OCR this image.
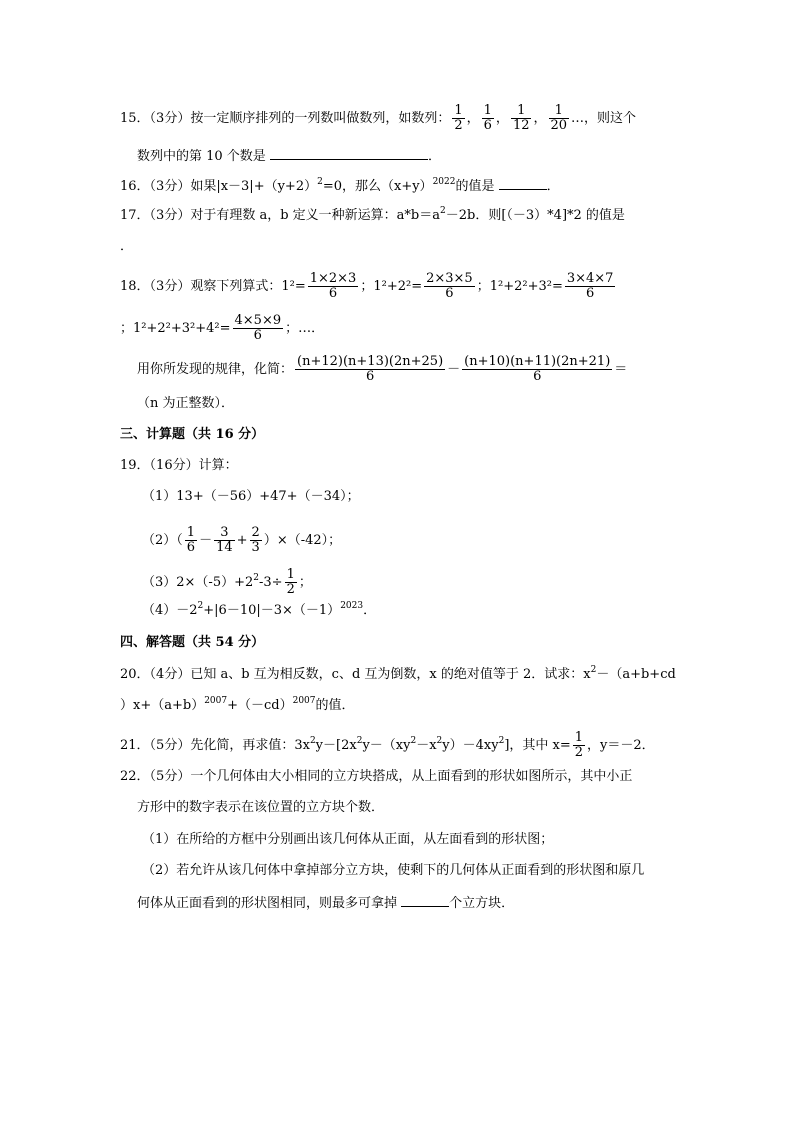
15．（3分）按一定顺序排列的一列数叫做数列，如数列： $\frac{1}{2}$ ， $\frac{1}{6}$ ， $\frac{1}{12}$ ， $\frac{1}{20}$ …，则这个
数列中的第 10 个数是	．
16．（3分）如果$|x-3|+(y+2)^2=0$，那么$(x+y)^{2022}$的值是	．
17．（3分）对于有理数 a，b 定义一种新运算：$a*b=a^2-2b$．则[（－3）*4]*2 的值是
．
18．（3分）观察下列算式：$1^2= \frac{1\times 2\times 3}{6}$ ；$1^2+2^2= \frac{2\times 3\times 5}{6}$ ；$1^2+2^2+3^2= \frac{3\times 4\times 7}{6}$
；$1^2+2^2+3^2+4^2= \frac{4\times 5\times 9}{6}$ ；…．
用你所发现的规律，化简： $\frac{(n+12)(n+13)(2n+25)}{6} - \frac{(n+10)(n+11)(2n+21)}{6}$ ＝
（n 为正整数）．
三、计算题（共 16 分）
19．（16分）计算：
（1）13+（－56）+47+（－34）；
$(2)( \frac{1}{6} - \frac{3}{14} + \frac{2}{3} )\times(-42)$；
$(3)2\times(-5)+2^2-3\div \frac{1}{2}$ ；
$(4)-2^2+|6-10|-3\times(-1)^{2023}$．
四、解答题（共 54 分）
20．（4分）已知 a、b 互为相反数，c、d 互为倒数，x 的绝对值等于 2．试求：$x^2-(a+b+cd$
）$x+(a+b)^{2007}+(-cd)^{2007}$的值．
21．（5分）先化简，再求值：$3x^2y-[2x^2y-(xy^2-x^2y)-4xy^2]$，其中 $x= \frac{1}{2}$ ，y＝－2．
22．（5分）一个几何体由大小相同的立方块搭成，从上面看到的形状如图所示，其中小正
方形中的数字表示在该位置的立方块个数．
（1）在所给的方框中分别画出该几何体从正面，从左面看到的形状图；
（2）若允许从该几何体中拿掉部分立方块，使剩下的几何体从正面看到的形状图和原几
何体从正面看到的形状图相同，则最多可拿掉	个立方块．
